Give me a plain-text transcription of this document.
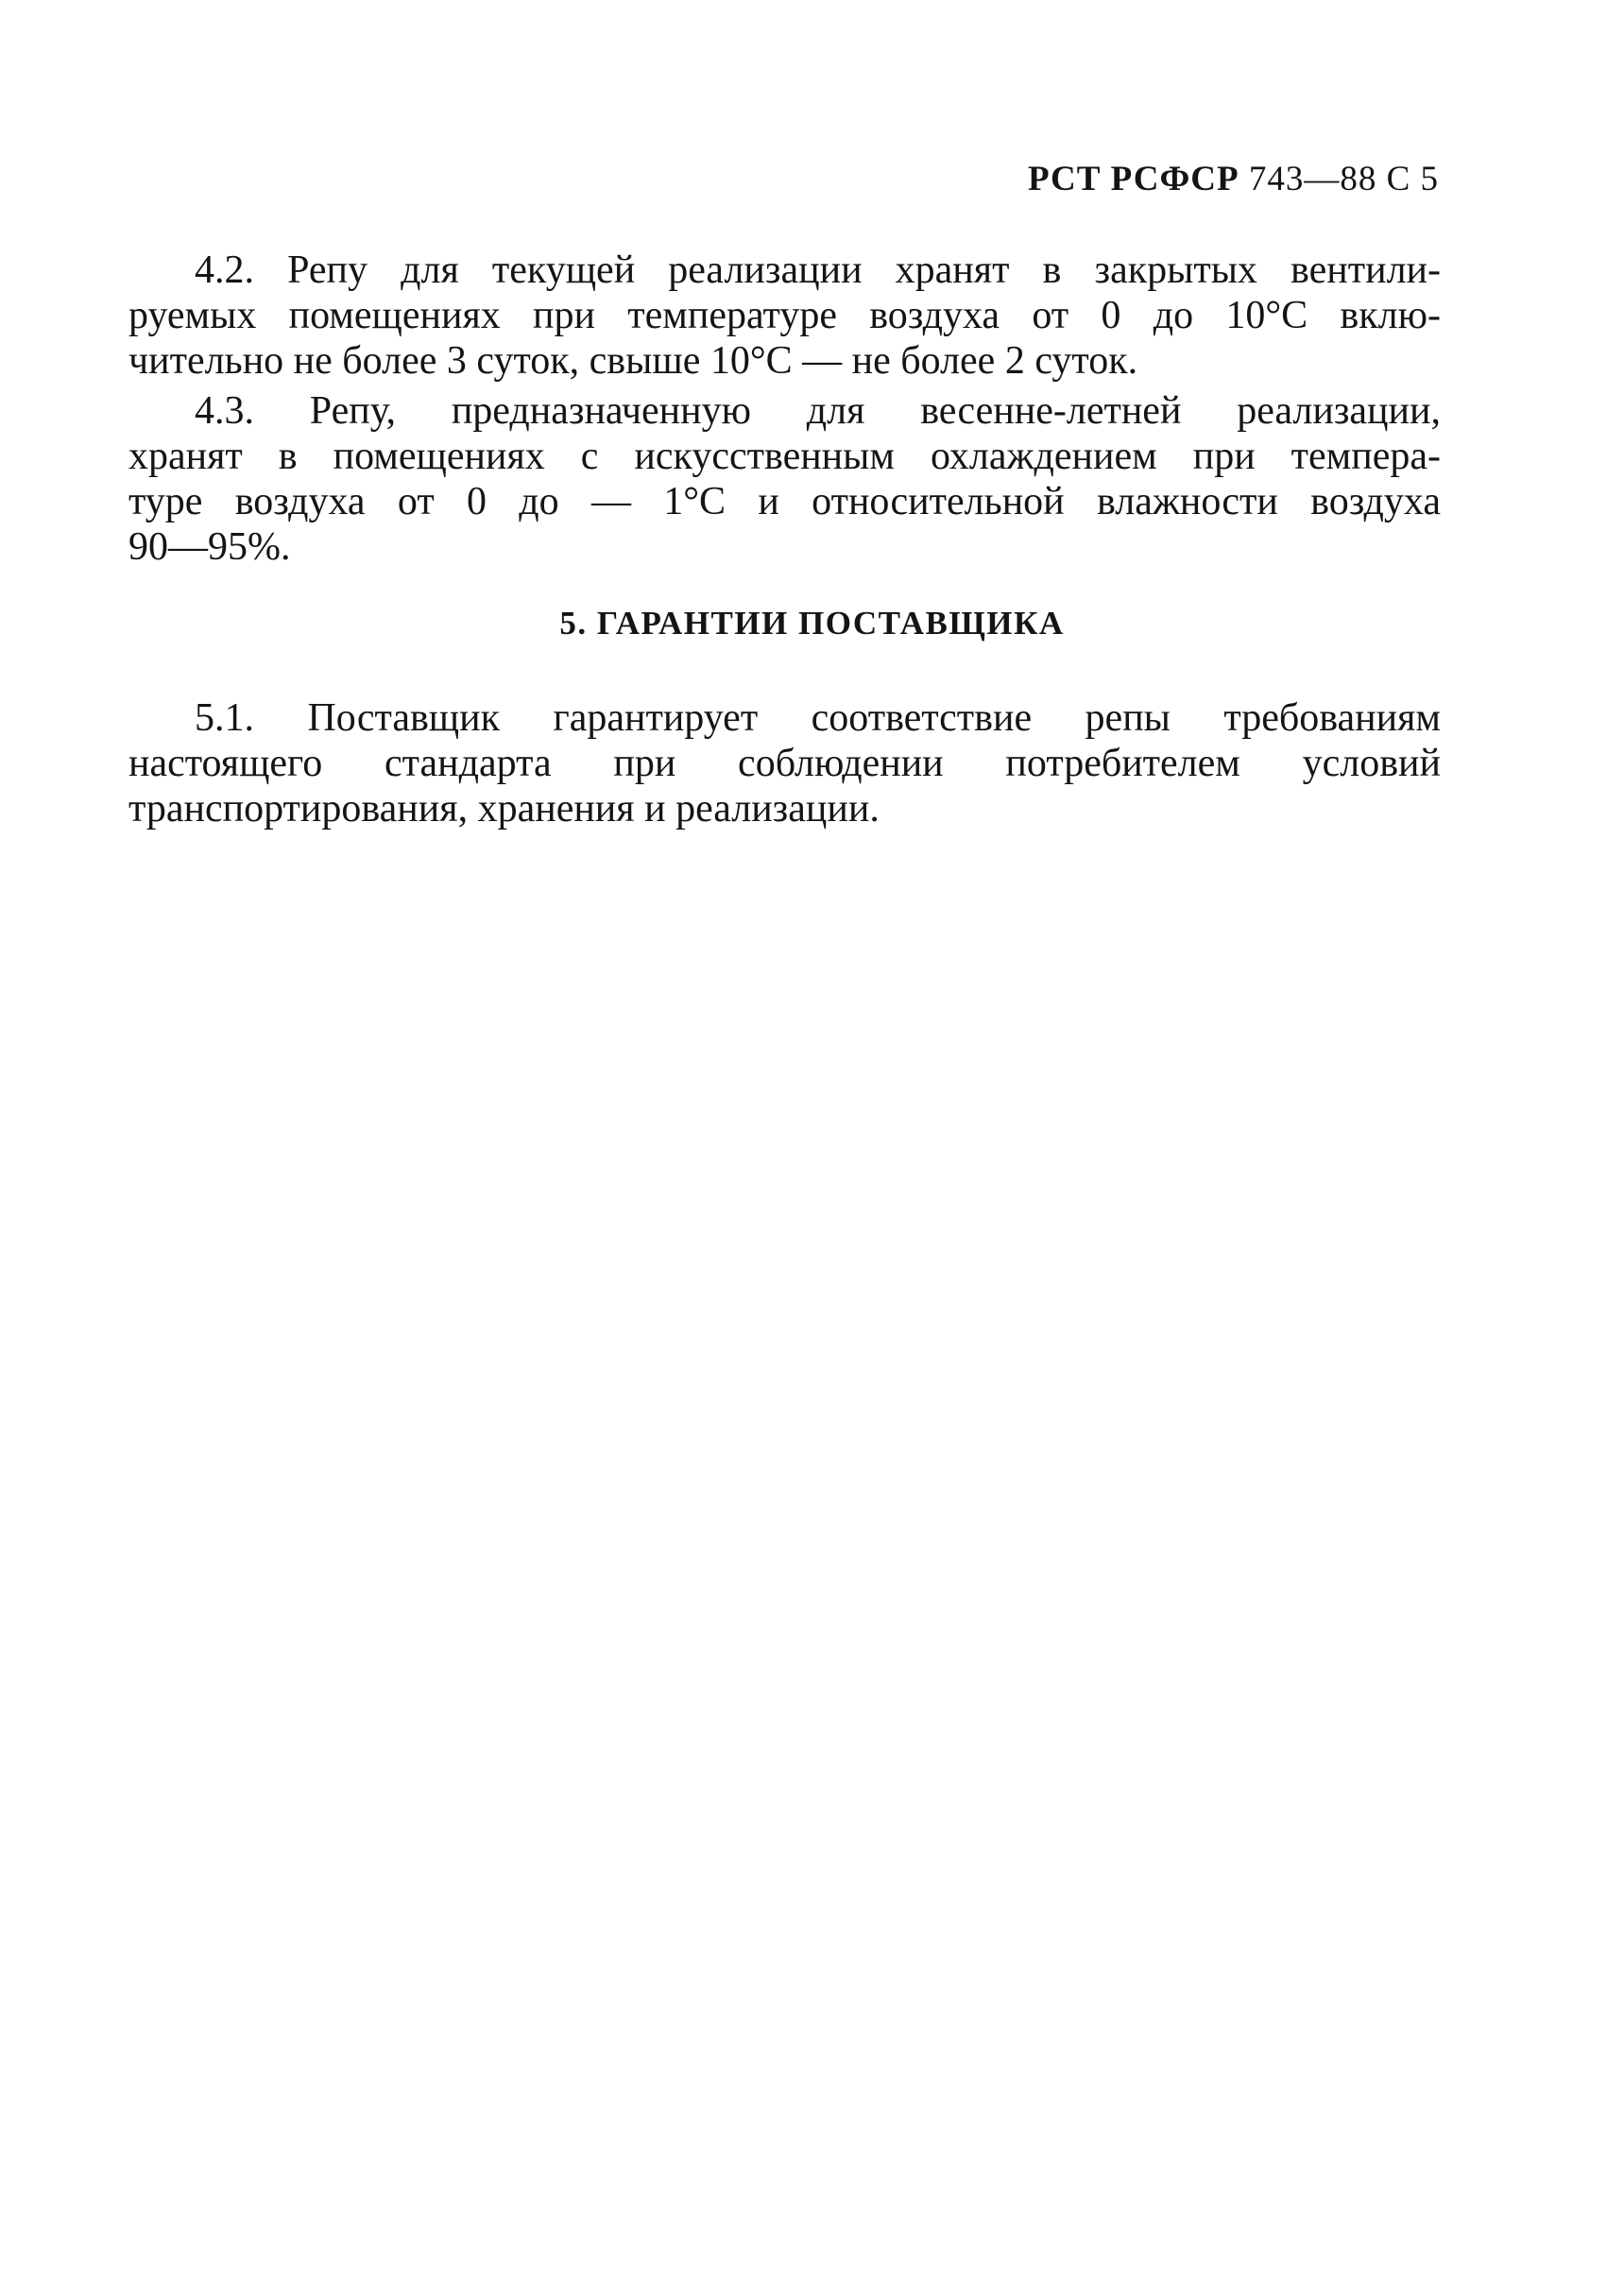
РСТ РСФСР 743—88 С 5
4.2. Репу для текущей реализации хранят в закрытых вентили-
руемых помещениях при температуре воздуха от 0 до 10°С вклю-
чительно не более 3 суток, свыше 10°С — не более 2 суток.
4.3. Репу, предназначенную для весенне-летней реализации,
хранят в помещениях с искусственным охлаждением при темпера-
туре воздуха от 0 до — 1°С и относительной влажности воздуха
90—95%.
5. ГАРАНТИИ ПОСТАВЩИКА
5.1. Поставщик гарантирует соответствие репы требованиям
настоящего стандарта при соблюдении потребителем условий
транспортирования, хранения и реализации.
